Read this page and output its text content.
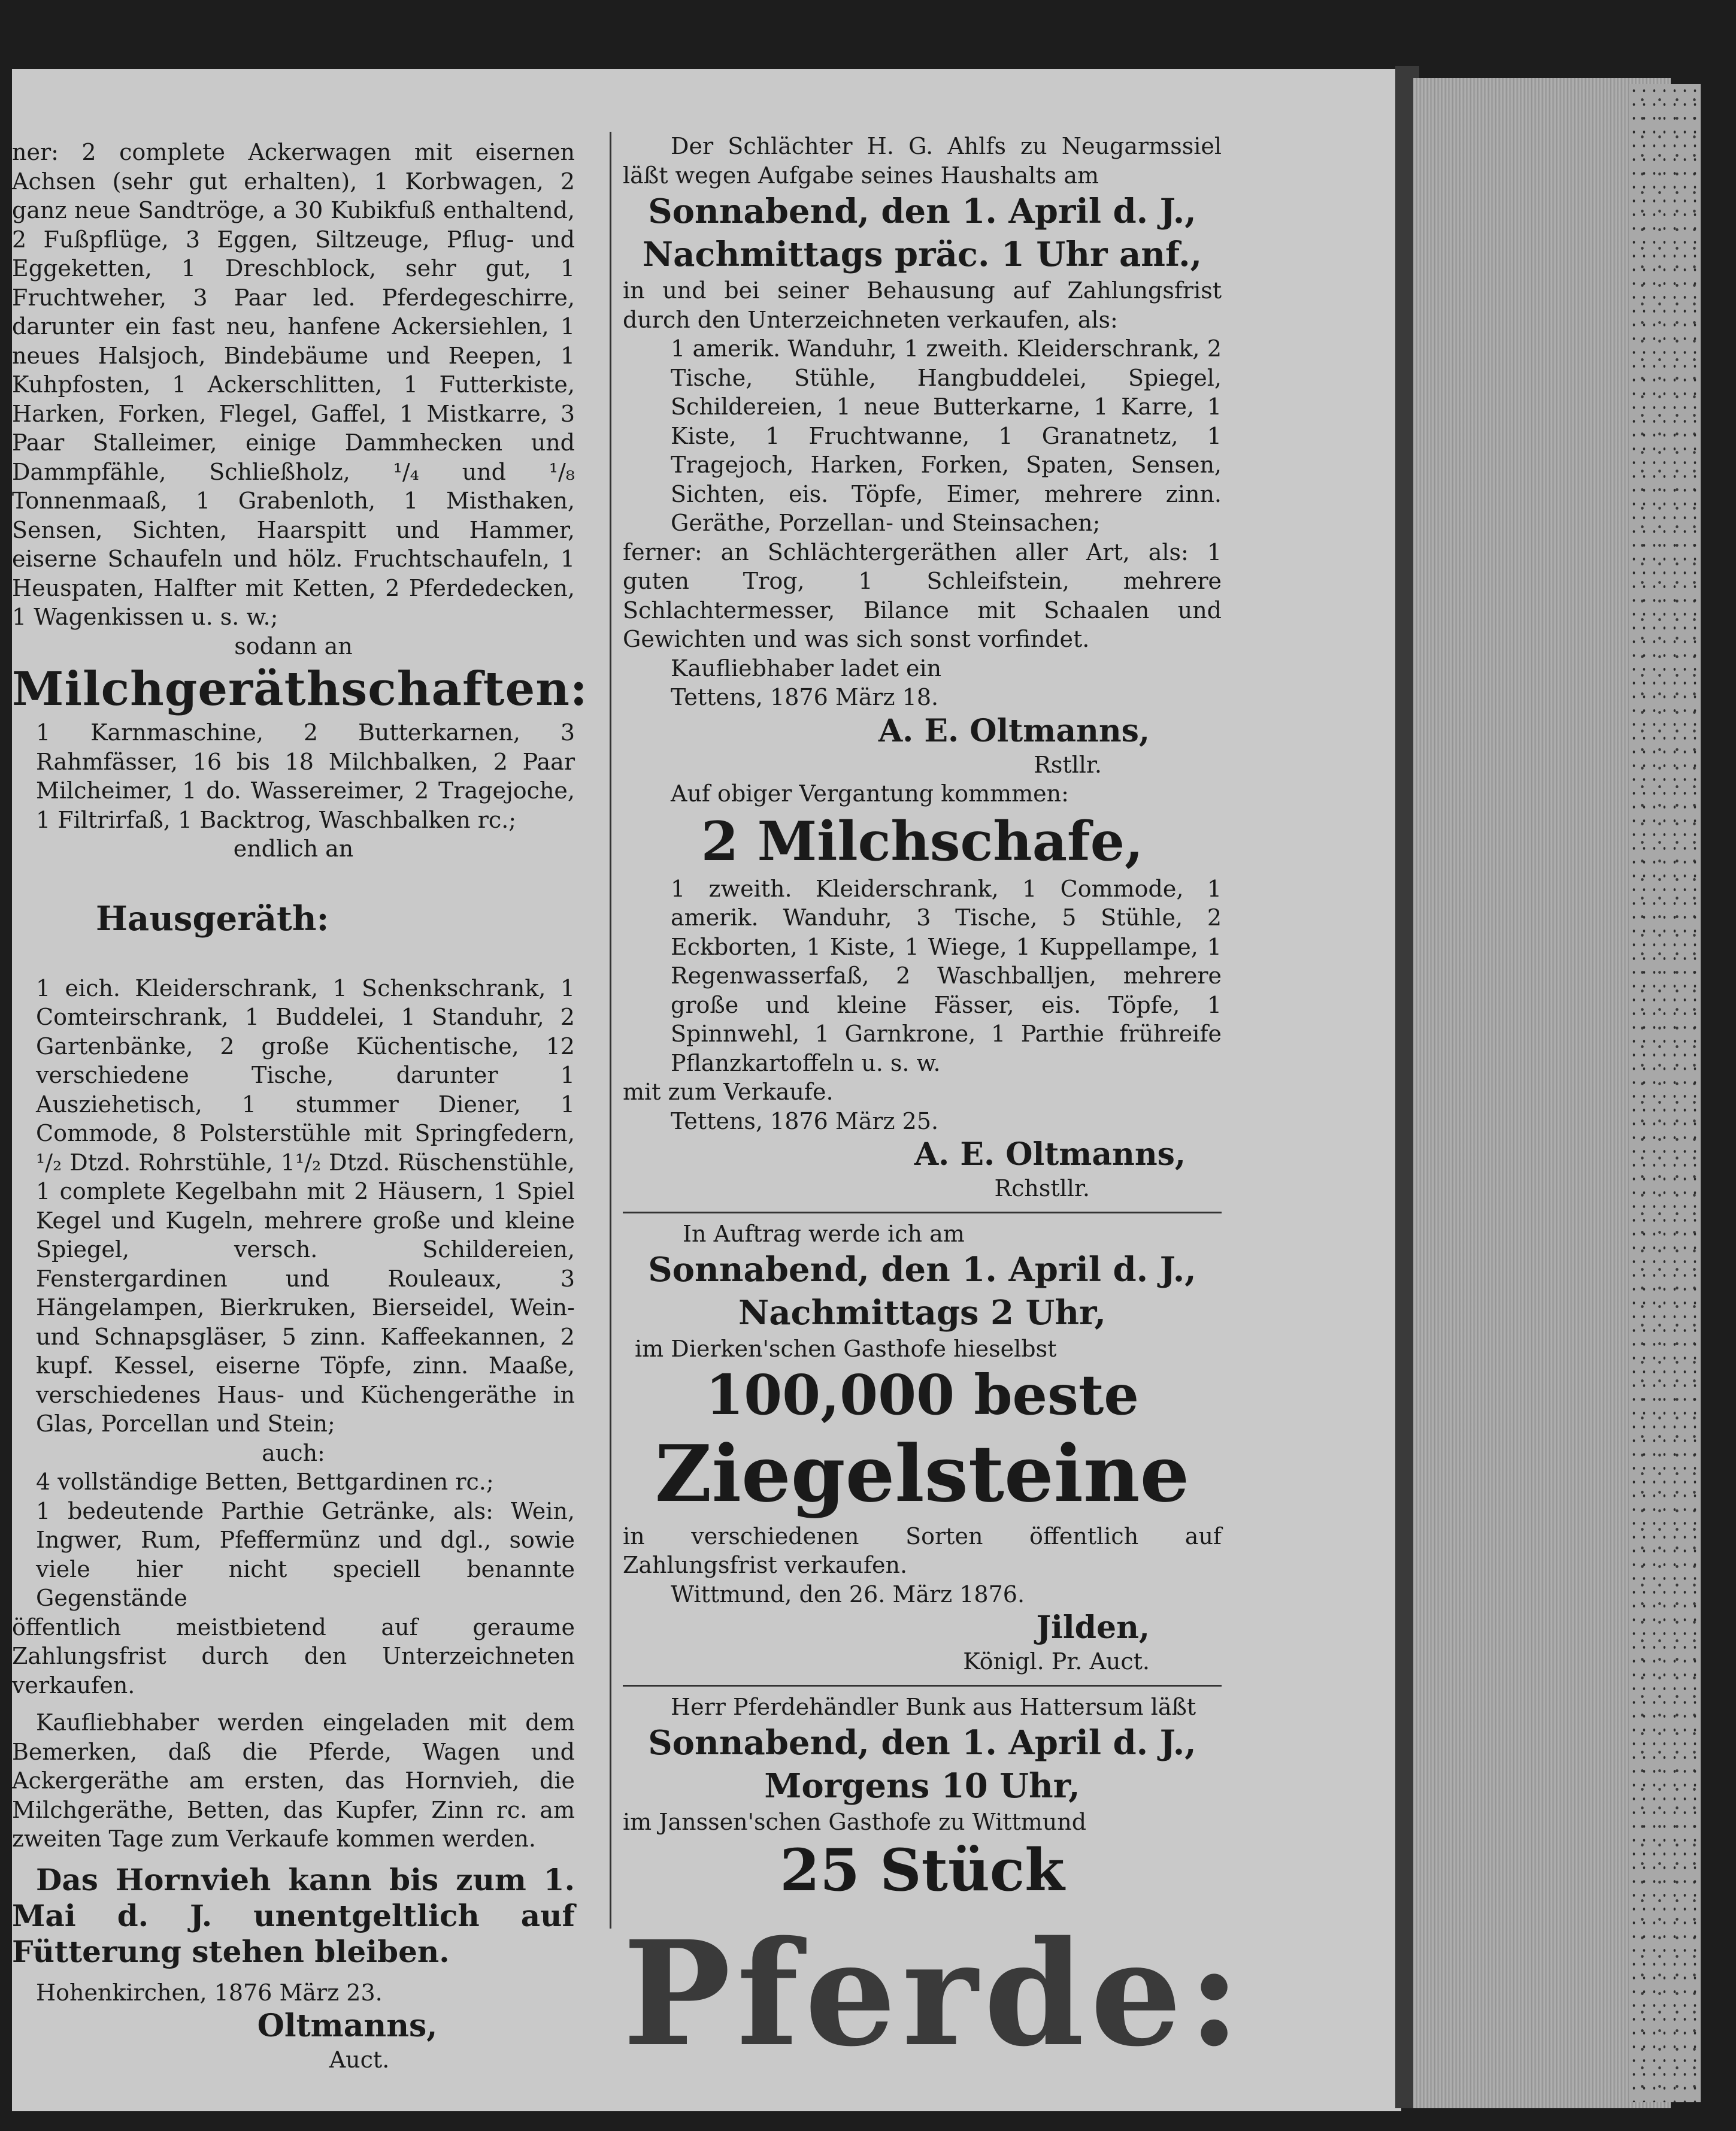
ner: 2 complete Ackerwagen mit eisernen Achsen (sehr gut erhalten), 1 Korbwagen, 2 ganz neue Sandtröge, a 30 Kubikfuß enthaltend, 2 Fußpflüge, 3 Eggen, Siltzeuge, Pflug- und Eggeketten, 1 Dreschblock, sehr gut, 1 Fruchtweher, 3 Paar led. Pferdegeschirre, darunter ein fast neu, hanfene Ackersiehlen, 1 neues Halsjoch, Bindebäume und Reepen, 1 Kuhpfosten, 1 Ackerschlitten, 1 Futterkiste, Harken, Forken, Flegel, Gaffel, 1 Mistkarre, 3 Paar Stalleimer, einige Dammhecken und Dammpfähle, Schließholz, ¹/₄ und ¹/₈ Tonnenmaaß, 1 Grabenloth, 1 Misthaken, Sensen, Sichten, Haarspitt und Hammer, eiserne Schaufeln und hölz. Fruchtschaufeln, 1 Heuspaten, Halfter mit Ketten, 2 Pferdedecken, 1 Wagenkissen u. s. w.;

sodann an

Milchgeräthschaften:

1 Karnmaschine, 2 Butterkarnen, 3 Rahmfässer, 16 bis 18 Milchbalken, 2 Paar Milcheimer, 1 do. Wassereimer, 2 Tragejoche, 1 Filtrirfaß, 1 Backtrog, Waschbalken rc.;

endlich an

Hausgeräth:

1 eich. Kleiderschrank, 1 Schenkschrank, 1 Comteirschrank, 1 Buddelei, 1 Standuhr, 2 Gartenbänke, 2 große Küchentische, 12 verschiedene Tische, darunter 1 Ausziehetisch, 1 stummer Diener, 1 Commode, 8 Polsterstühle mit Springfedern, ¹/₂ Dtzd. Rohrstühle, 1¹/₂ Dtzd. Rüschenstühle, 1 complete Kegelbahn mit 2 Häusern, 1 Spiel Kegel und Kugeln, mehrere große und kleine Spiegel, versch. Schildereien, Fenstergardinen und Rouleaux, 3 Hängelampen, Bierkruken, Bierseidel, Wein- und Schnapsgläser, 5 zinn. Kaffeekannen, 2 kupf. Kessel, eiserne Töpfe, zinn. Maaße, verschiedenes Haus- und Küchengeräthe in Glas, Porcellan und Stein;

auch:

4 vollständige Betten, Bettgardinen rc.;

1 bedeutende Parthie Getränke, als: Wein, Ingwer, Rum, Pfeffermünz und dgl., sowie viele hier nicht speciell benannte Gegenstände

öffentlich meistbietend auf geraume Zahlungsfrist durch den Unterzeichneten verkaufen.

Kaufliebhaber werden eingeladen mit dem Bemerken, daß die Pferde, Wagen und Ackergeräthe am ersten, das Hornvieh, die Milchgeräthe, Betten, das Kupfer, Zinn rc. am zweiten Tage zum Verkaufe kommen werden.

Das Hornvieh kann bis zum 1. Mai d. J. unentgeltlich auf Fütterung stehen bleiben.

Hohenkirchen, 1876 März 23.

Oltmanns,

Auct.

Der Schlächter H. G. Ahlfs zu Neugarmssiel läßt wegen Aufgabe seines Haushalts am

Sonnabend, den 1. April d. J.,

Nachmittags präc. 1 Uhr anf.,

in und bei seiner Behausung auf Zahlungsfrist durch den Unterzeichneten verkaufen, als:

1 amerik. Wanduhr, 1 zweith. Kleiderschrank, 2 Tische, Stühle, Hangbuddelei, Spiegel, Schildereien, 1 neue Butterkarne, 1 Karre, 1 Kiste, 1 Fruchtwanne, 1 Granatnetz, 1 Tragejoch, Harken, Forken, Spaten, Sensen, Sichten, eis. Töpfe, Eimer, mehrere zinn. Geräthe, Porzellan- und Steinsachen;

ferner: an Schlächtergeräthen aller Art, als: 1 guten Trog, 1 Schleifstein, mehrere Schlachtermesser, Bilance mit Schaalen und Gewichten und was sich sonst vorfindet.

Kaufliebhaber ladet ein

Tettens, 1876 März 18.

A. E. Oltmanns,

Rstllr.

Auf obiger Vergantung kommmen:

2 Milchschafe,

1 zweith. Kleiderschrank, 1 Commode, 1 amerik. Wanduhr, 3 Tische, 5 Stühle, 2 Eckborten, 1 Kiste, 1 Wiege, 1 Kuppellampe, 1 Regenwasserfaß, 2 Waschballjen, mehrere große und kleine Fässer, eis. Töpfe, 1 Spinnwehl, 1 Garnkrone, 1 Parthie frühreife Pflanzkartoffeln u. s. w.

mit zum Verkaufe.

Tettens, 1876 März 25.

A. E. Oltmanns,

Rchstllr.

In Auftrag werde ich am

Sonnabend, den 1. April d. J.,

Nachmittags 2 Uhr,

im Dierken'schen Gasthofe hieselbst

100,000 beste

Ziegelsteine

in verschiedenen Sorten öffentlich auf Zahlungsfrist verkaufen.

Wittmund, den 26. März 1876.

Jilden,

Königl. Pr. Auct.

Herr Pferdehändler Bunk aus Hattersum läßt

Sonnabend, den 1. April d. J.,

Morgens 10 Uhr,

im Janssen'schen Gasthofe zu Wittmund

25 Stück

Pferde:
